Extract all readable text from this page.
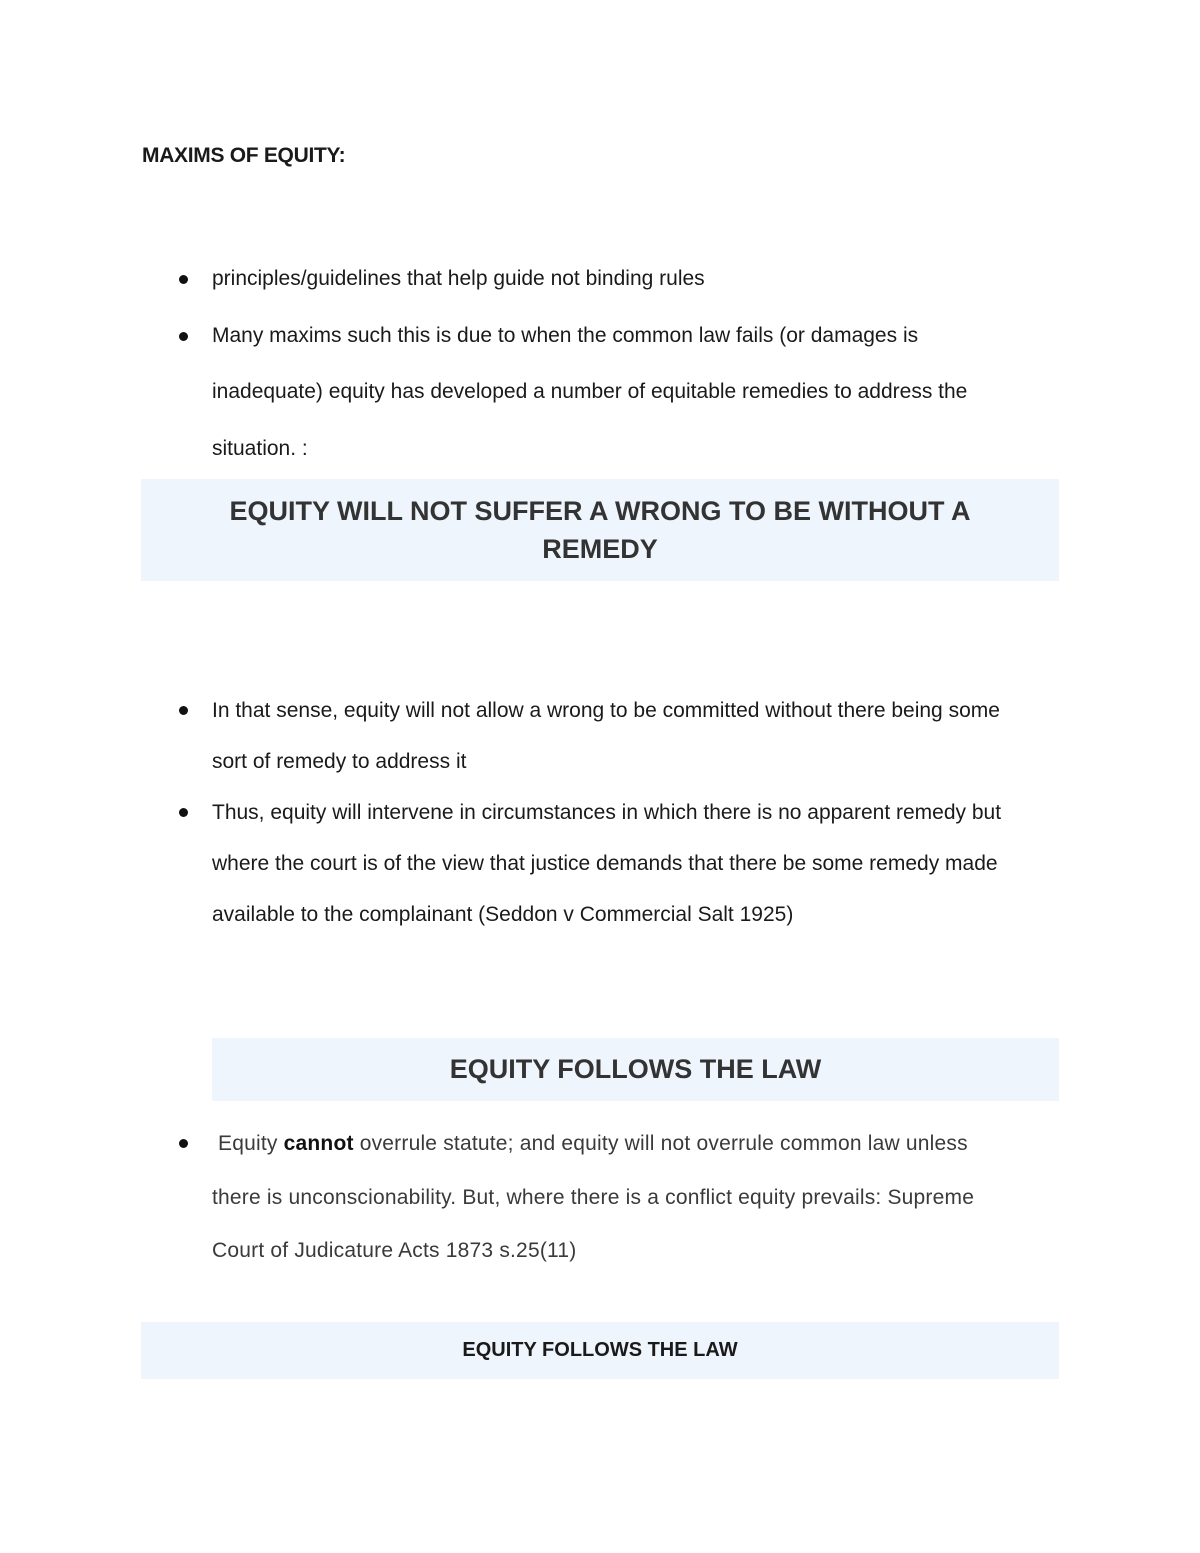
MAXIMS OF EQUITY:
principles/guidelines that help guide not binding rules
Many maxims such this is due to when the common law fails (or damages is inadequate) equity has developed a number of equitable remedies to address the situation. :
EQUITY WILL NOT SUFFER A WRONG TO BE WITHOUT A REMEDY
In that sense, equity will not allow a wrong to be committed without there being some sort of remedy to address it
Thus, equity will intervene in circumstances in which there is no apparent remedy but where the court is of the view that justice demands that there be some remedy made available to the complainant (Seddon v Commercial Salt 1925)
EQUITY FOLLOWS THE LAW
Equity cannot overrule statute; and equity will not overrule common law unless there is unconscionability. But, where there is a conflict equity prevails: Supreme Court of Judicature Acts 1873 s.25(11)
EQUITY FOLLOWS THE LAW
